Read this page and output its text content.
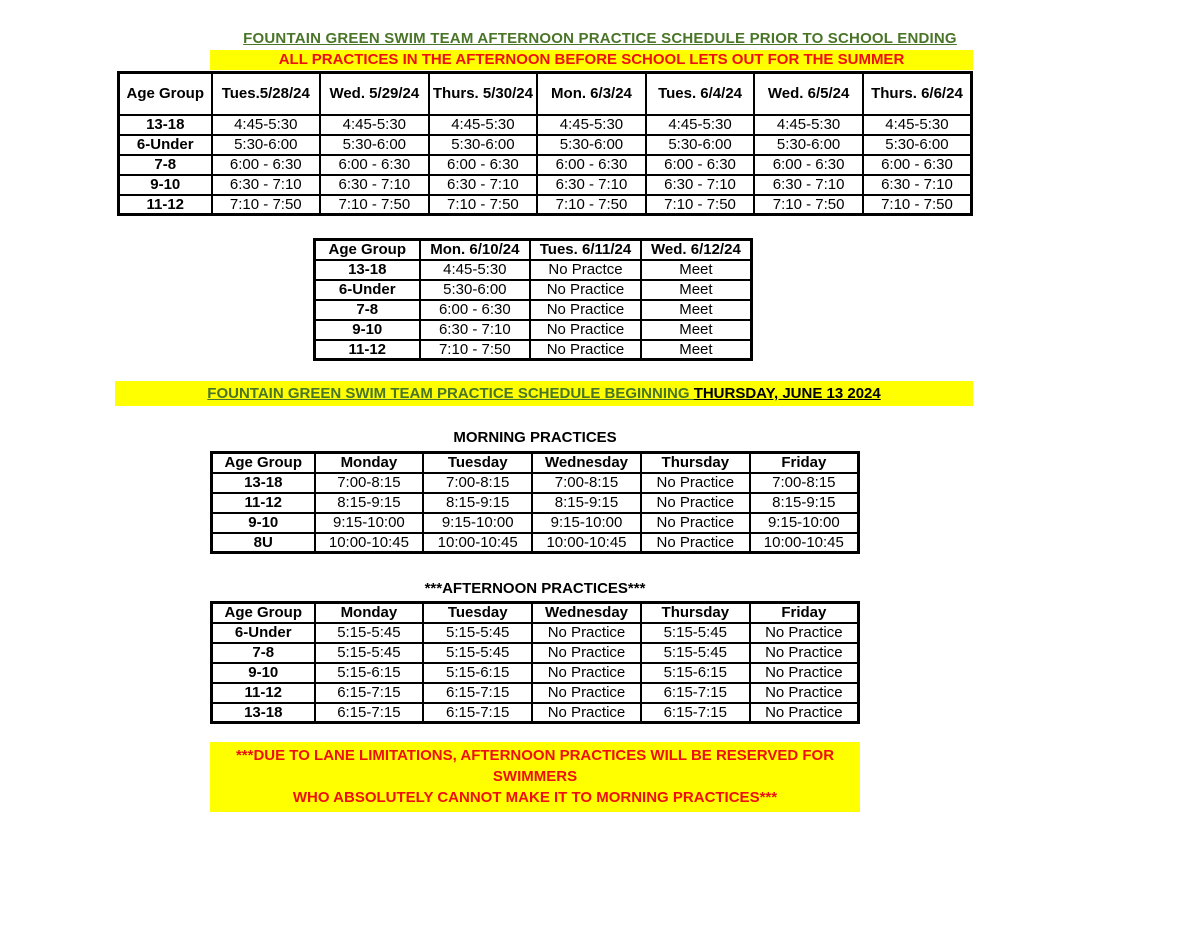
FOUNTAIN GREEN SWIM TEAM AFTERNOON PRACTICE SCHEDULE PRIOR TO SCHOOL ENDING
ALL PRACTICES IN THE AFTERNOON BEFORE SCHOOL LETS OUT FOR THE SUMMER
Age Group	Tues.5/28/24	Wed. 5/29/24	Thurs. 5/30/24	Mon. 6/3/24	Tues. 6/4/24	Wed. 6/5/24	Thurs. 6/6/24
13-18	4:45-5:30	4:45-5:30	4:45-5:30	4:45-5:30	4:45-5:30	4:45-5:30	4:45-5:30
6-Under	5:30-6:00	5:30-6:00	5:30-6:00	5:30-6:00	5:30-6:00	5:30-6:00	5:30-6:00
7-8	6:00 - 6:30	6:00 - 6:30	6:00 - 6:30	6:00 - 6:30	6:00 - 6:30	6:00 - 6:30	6:00 - 6:30
9-10	6:30 - 7:10	6:30 - 7:10	6:30 - 7:10	6:30 - 7:10	6:30 - 7:10	6:30 - 7:10	6:30 - 7:10
11-12	7:10 - 7:50	7:10 - 7:50	7:10 - 7:50	7:10 - 7:50	7:10 - 7:50	7:10 - 7:50	7:10 - 7:50
Age Group	Mon. 6/10/24	Tues. 6/11/24	Wed. 6/12/24
13-18	4:45-5:30	No Practce	Meet
6-Under	5:30-6:00	No Practice	Meet
7-8	6:00 - 6:30	No Practice	Meet
9-10	6:30 - 7:10	No Practice	Meet
11-12	7:10 - 7:50	No Practice	Meet
FOUNTAIN GREEN SWIM TEAM PRACTICE SCHEDULE BEGINNING THURSDAY, JUNE 13 2024
MORNING PRACTICES
Age Group	Monday	Tuesday	Wednesday	Thursday	Friday
13-18	7:00-8:15	7:00-8:15	7:00-8:15	No Practice	7:00-8:15
11-12	8:15-9:15	8:15-9:15	8:15-9:15	No Practice	8:15-9:15
9-10	9:15-10:00	9:15-10:00	9:15-10:00	No Practice	9:15-10:00
8U	10:00-10:45	10:00-10:45	10:00-10:45	No Practice	10:00-10:45
***AFTERNOON PRACTICES***
Age Group	Monday	Tuesday	Wednesday	Thursday	Friday
6-Under	5:15-5:45	5:15-5:45	No Practice	5:15-5:45	No Practice
7-8	5:15-5:45	5:15-5:45	No Practice	5:15-5:45	No Practice
9-10	5:15-6:15	5:15-6:15	No Practice	5:15-6:15	No Practice
11-12	6:15-7:15	6:15-7:15	No Practice	6:15-7:15	No Practice
13-18	6:15-7:15	6:15-7:15	No Practice	6:15-7:15	No Practice
***DUE TO LANE LIMITATIONS, AFTERNOON PRACTICES WILL BE RESERVED FOR SWIMMERS
WHO ABSOLUTELY CANNOT MAKE IT TO MORNING PRACTICES***
